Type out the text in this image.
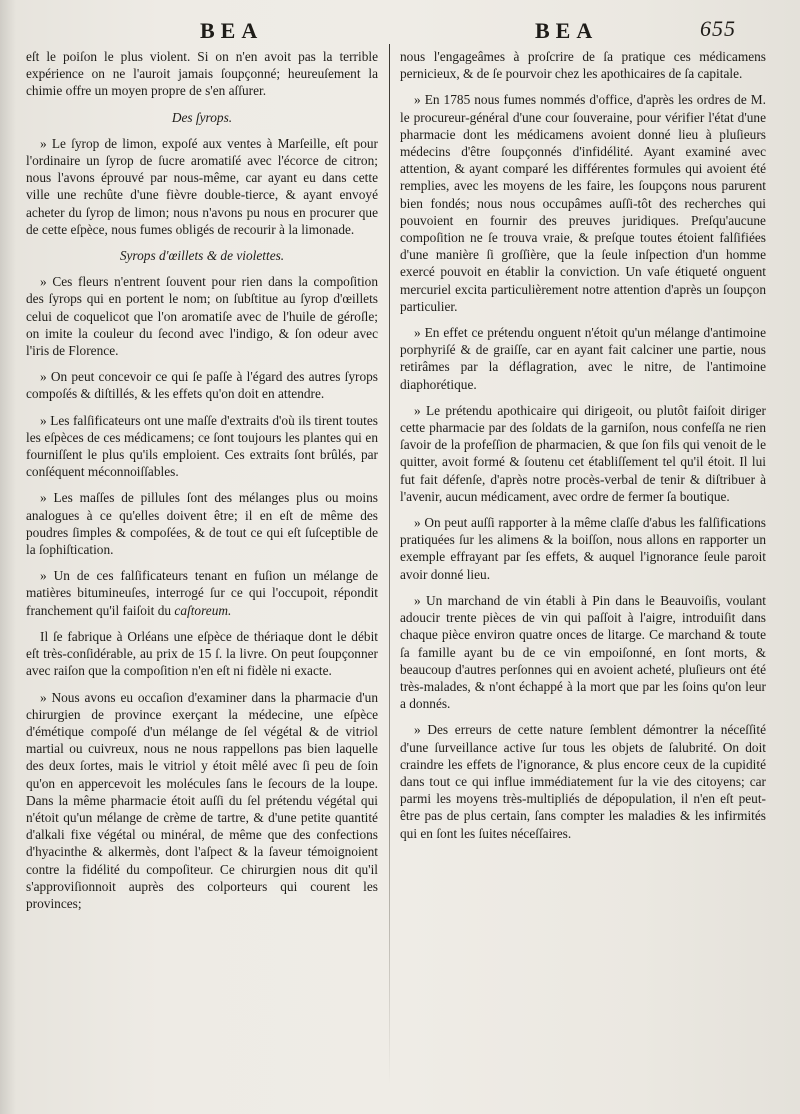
BEA	BEA	655

eſt le poiſon le plus violent. Si on n'en avoit pas la terrible expérience on ne l'auroit jamais ſoupçonné; heureuſement la chimie offre un moyen propre de s'en aſſurer.

Des ſyrops.

» Le ſyrop de limon, expoſé aux ventes à Marſeille, eſt pour l'ordinaire un ſyrop de ſucre aromatiſé avec l'écorce de citron; nous l'avons éprouvé par nous-même, car ayant eu dans cette ville une rechûte d'une fièvre double-tierce, & ayant envoyé acheter du ſyrop de limon; nous n'avons pu nous en procurer que de cette eſpèce, nous fumes obligés de recourir à la limonade.

Syrops d'œillets & de violettes.

» Ces fleurs n'entrent ſouvent pour rien dans la compoſition des ſyrops qui en portent le nom; on ſubſtitue au ſyrop d'œillets celui de coquelicot que l'on aromatiſe avec de l'huile de géroſle; on imite la couleur du ſecond avec l'indigo, & ſon odeur avec l'iris de Florence.

» On peut concevoir ce qui ſe paſſe à l'égard des autres ſyrops compoſés & diſtillés, & les effets qu'on doit en attendre.

» Les falſificateurs ont une maſſe d'extraits d'où ils tirent toutes les eſpèces de ces médicamens; ce ſont toujours les plantes qui en fourniſſent le plus qu'ils emploient. Ces extraits ſont brûlés, par conſéquent méconnoiſſables.

» Les maſſes de pillules ſont des mélanges plus ou moins analogues à ce qu'elles doivent être; il en eſt de même des poudres ſimples & compoſées, & de tout ce qui eſt ſuſceptible de la ſophiſtication.

» Un de ces falſificateurs tenant en fuſion un mélange de matières bitumineuſes, interrogé ſur ce qui l'occupoit, répondit franchement qu'il faiſoit du caſtoreum.

Il ſe fabrique à Orléans une eſpèce de thériaque dont le débit eſt très-conſidérable, au prix de 15 ſ. la livre. On peut ſoupçonner avec raiſon que la compoſition n'en eſt ni fidèle ni exacte.

» Nous avons eu occaſion d'examiner dans la pharmacie d'un chirurgien de province exerçant la médecine, une eſpèce d'émétique compoſé d'un mélange de ſel végétal & de vitriol martial ou cuivreux, nous ne nous rappellons pas bien laquelle des deux ſortes, mais le vitriol y étoit mêlé avec ſi peu de ſoin qu'on en appercevoit les molécules ſans le ſecours de la loupe. Dans la même pharmacie étoit auſſi du ſel prétendu végétal qui n'étoit qu'un mélange de crème de tartre, & d'une petite quantité d'alkali fixe végétal ou minéral, de même que des confections d'hyacinthe & alkermès, dont l'aſpect & la ſaveur témoignoient contre la fidélité du compoſiteur. Ce chirurgien nous dit qu'il s'approviſionnoit auprès des colporteurs qui courent les provinces;

nous l'engageâmes à proſcrire de ſa pratique ces médicamens pernicieux, & de ſe pourvoir chez les apothicaires de ſa capitale.

» En 1785 nous fumes nommés d'office, d'après les ordres de M. le procureur-général d'une cour ſouveraine, pour vérifier l'état d'une pharmacie dont les médicamens avoient donné lieu à pluſieurs médecins d'être ſoupçonnés d'infidélité. Ayant examiné avec attention, & ayant comparé les différentes formules qui avoient été remplies, avec les moyens de les faire, les ſoupçons nous parurent bien fondés; nous nous occupâmes auſſi-tôt des recherches qui pouvoient en fournir des preuves juridiques. Preſqu'aucune compoſition ne ſe trouva vraie, & preſque toutes étoient falſifiées d'une manière ſi groſſière, que la ſeule inſpection d'un homme exercé pouvoit en établir la conviction. Un vaſe étiqueté onguent mercuriel excita particulièrement notre attention d'après un ſoupçon particulier.

» En effet ce prétendu onguent n'étoit qu'un mélange d'antimoine porphyriſé & de graiſſe, car en ayant fait calciner une partie, nous retirâmes par la déflagration, avec le nitre, de l'antimoine diaphorétique.

» Le prétendu apothicaire qui dirigeoit, ou plutôt faiſoit diriger cette pharmacie par des ſoldats de la garniſon, nous confeſſa ne rien ſavoir de la profeſſion de pharmacien, & que ſon fils qui venoit de le quitter, avoit formé & ſoutenu cet établiſſement tel qu'il étoit. Il lui fut fait défenſe, d'après notre procès-verbal de tenir & diſtribuer à l'avenir, aucun médicament, avec ordre de fermer ſa boutique.

» On peut auſſi rapporter à la même claſſe d'abus les falſifications pratiquées ſur les alimens & la boiſſon, nous allons en rapporter un exemple effrayant par ſes effets, & auquel l'ignorance ſeule paroit avoir donné lieu.

» Un marchand de vin établi à Pin dans le Beauvoiſis, voulant adoucir trente pièces de vin qui paſſoit à l'aigre, introduiſit dans chaque pièce environ quatre onces de litarge. Ce marchand & toute ſa famille ayant bu de ce vin empoiſonné, en ſont morts, & beaucoup d'autres perſonnes qui en avoient acheté, pluſieurs ont été très-malades, & n'ont échappé à la mort que par les ſoins qu'on leur a donnés.

» Des erreurs de cette nature ſemblent démontrer la néceſſité d'une ſurveillance active ſur tous les objets de ſalubrité. On doit craindre les effets de l'ignorance, & plus encore ceux de la cupidité dans tout ce qui influe immédiatement ſur la vie des citoyens; car parmi les moyens très-multipliés de dépopulation, il n'en eſt peut-être pas de plus certain, ſans compter les maladies & les infirmités qui en ſont les ſuites néceſſaires.
